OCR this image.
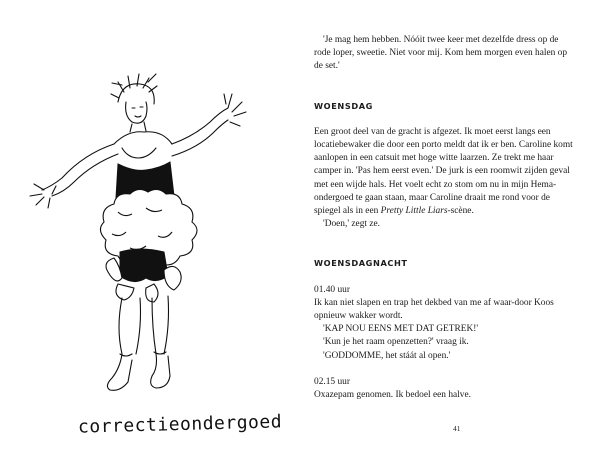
correctieondergoed

'Je mag hem hebben. Nóóit twee keer met dezelfde dress op de rode loper, sweetie. Niet voor mij. Kom hem morgen even halen op de set.'

WOENSDAG

Een groot deel van de gracht is afgezet. Ik moet eerst langs een locatiebewaker die door een porto meldt dat ik er ben. Caroline komt aanlopen in een catsuit met hoge witte laarzen. Ze trekt me haar camper in. 'Pas hem eerst even.' De jurk is een roomwit zijden geval met een wijde hals. Het voelt echt zo stom om nu in mijn Hema-ondergoed te gaan staan, maar Caroline draait me rond voor de spiegel als in een Pretty Little Liars-scène.

'Doen,' zegt ze.

WOENSDAGNACHT

01.40 uur

Ik kan niet slapen en trap het dekbed van me af waar-door Koos opnieuw wakker wordt.

'KAP NOU EENS MET DAT GETREK!'

'Kun je het raam openzetten?' vraag ik.

'GODDOMME, het stáát al open.'

02.15 uur

Oxazepam genomen. Ik bedoel een halve.

41
